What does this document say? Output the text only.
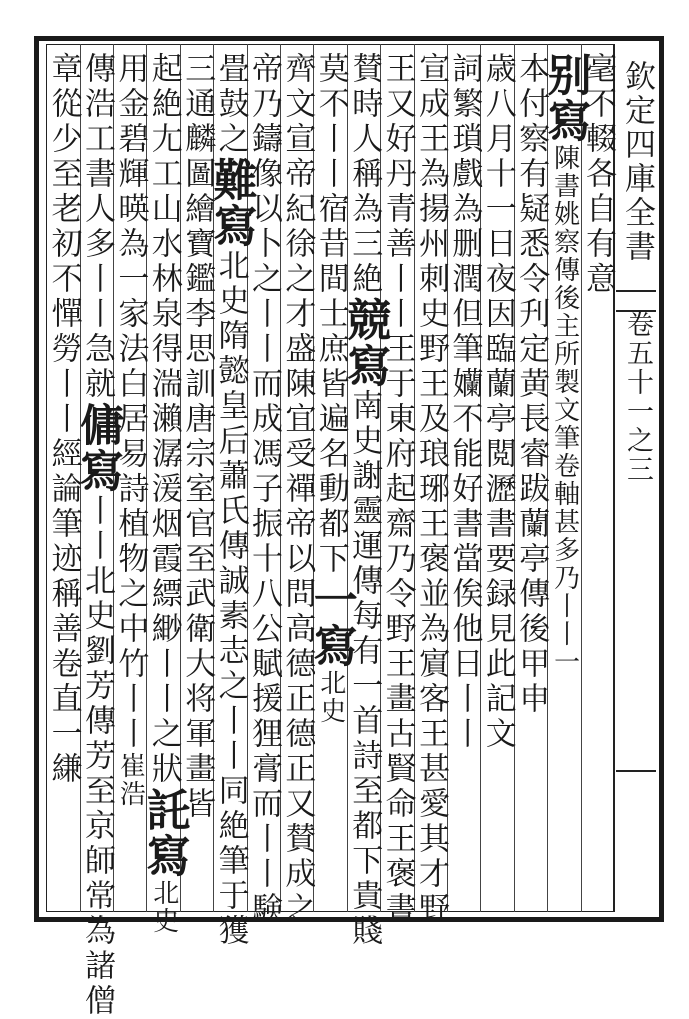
欽定四庫全書
卷五十一之三
毫不輟各自有意
别寫陳書姚察傳後主所製文筆卷軸甚多乃丨丨一
本付察有疑悉令刋定黄長睿跋蘭亭傳後甲申
歳八月十一日夜因臨蘭亭閲瀝書要録見此記文
詞繁瑣戲為删潤但筆孏不能好書當俟他日丨丨
宣成王為揚州刺史野王及琅琊王褒並為賔客王甚愛其才野
王又好丹青善丨丨王于東府起齋乃令野王畫古賢命王褒書
賛時人稱為三絶競寫南史謝靈運傳每有一首詩至都下貴賤
莫不丨丨宿昔間士庶皆遍名動都下一寫北史
齊文宣帝紀徐之才盛陳宜受禪帝以問高德正德正又賛成之
帝乃鑄像以卜之丨丨而成馮子振十八公賦援狸膏而丨丨験
畳鼓之難寫北史隋懿皇后蕭氏傳誠素志之丨丨同絶筆于獲
三通麟圖繪寶鑑李思訓唐宗室官至武衛大将軍畫皆
起絶尢工山水林泉得湍瀨潺湲烟霞縹緲丨丨之狀託寫北史
用金碧輝暎為一家法白居易詩植物之中竹丨丨崔浩
傳浩工書人多丨丨急就傭寫丨丨北史劉芳傳芳至京師常為諸僧
章從少至老初不憚勞丨丨經論筆迹稱善卷直一縑
